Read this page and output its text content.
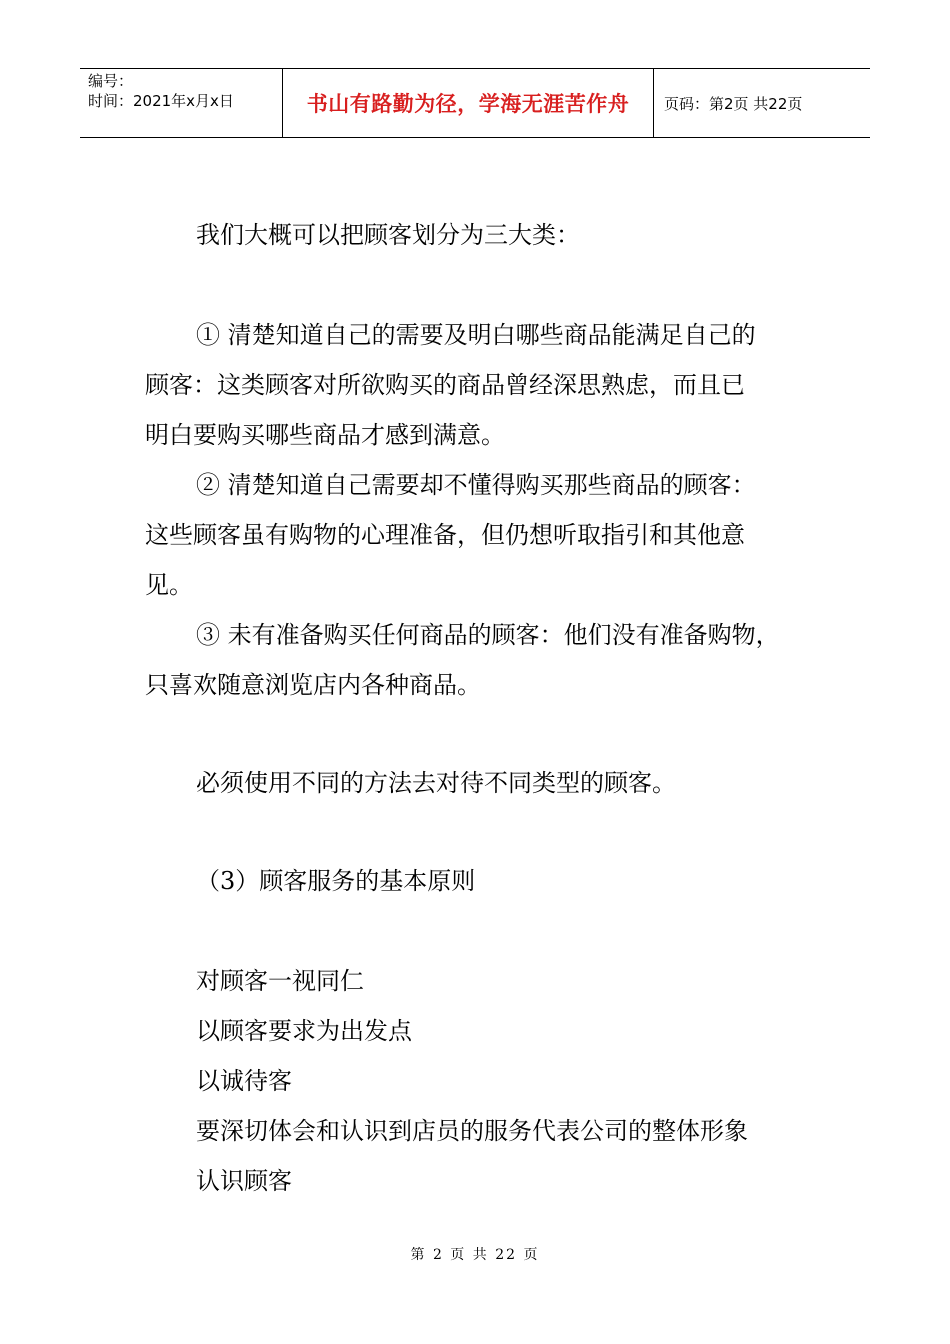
编号：
时间：2021年x月x日	书山有路勤为径，学海无涯苦作舟	页码：第2页 共22页
我们大概可以把顾客划分为三大类：
① 清楚知道自己的需要及明白哪些商品能满足自己的
顾客：这类顾客对所欲购买的商品曾经深思熟虑，而且已
明白要购买哪些商品才感到满意。
② 清楚知道自己需要却不懂得购买那些商品的顾客：
这些顾客虽有购物的心理准备，但仍想听取指引和其他意
见。
③ 未有准备购买任何商品的顾客：他们没有准备购物，
只喜欢随意浏览店内各种商品。
必须使用不同的方法去对待不同类型的顾客。
（3）顾客服务的基本原则
对顾客一视同仁
以顾客要求为出发点
以诚待客
要深切体会和认识到店员的服务代表公司的整体形象
认识顾客
第 2 页 共 22 页
